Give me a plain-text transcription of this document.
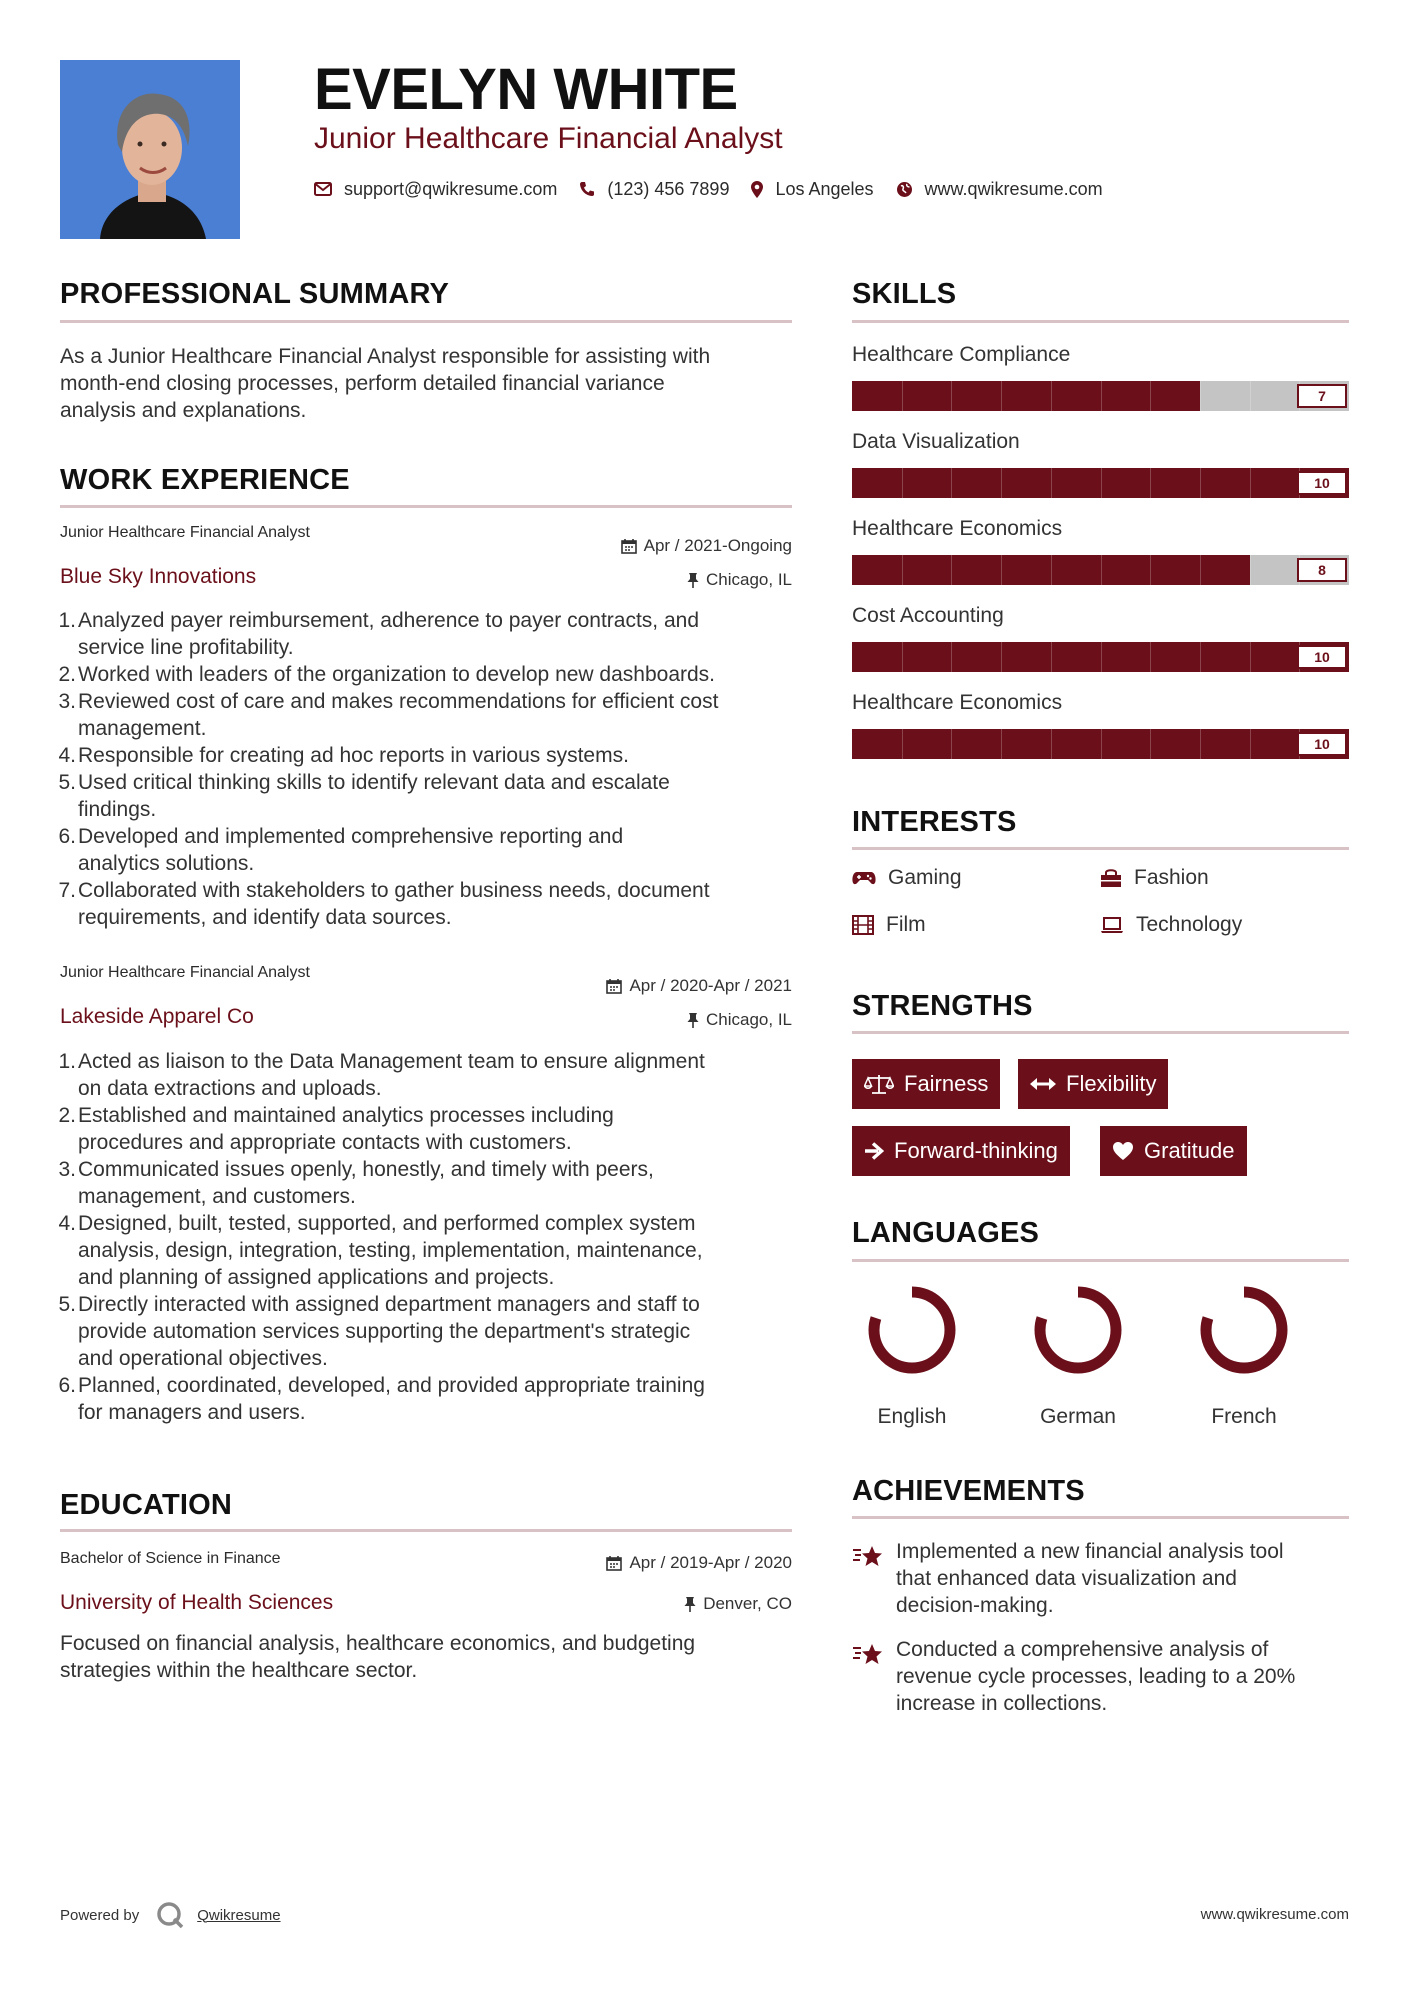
EVELYN WHITE
Junior Healthcare Financial Analyst
support@qwikresume.com	(123) 456 7899	Los Angeles	www.qwikresume.com
PROFESSIONAL SUMMARY
As a Junior Healthcare Financial Analyst responsible for assisting with
month-end closing processes, perform detailed financial variance
analysis and explanations.
WORK EXPERIENCE
Junior Healthcare Financial Analyst
Apr / 2021-Ongoing
Blue Sky Innovations	Chicago, IL
1. Analyzed payer reimbursement, adherence to payer contracts, and
service line profitability.
2. Worked with leaders of the organization to develop new dashboards.
3. Reviewed cost of care and makes recommendations for efficient cost
management.
4. Responsible for creating ad hoc reports in various systems.
5. Used critical thinking skills to identify relevant data and escalate
findings.
6. Developed and implemented comprehensive reporting and
analytics solutions.
7. Collaborated with stakeholders to gather business needs, document
requirements, and identify data sources.
Junior Healthcare Financial Analyst
Apr / 2020-Apr / 2021
Lakeside Apparel Co	Chicago, IL
1. Acted as liaison to the Data Management team to ensure alignment
on data extractions and uploads.
2. Established and maintained analytics processes including
procedures and appropriate contacts with customers.
3. Communicated issues openly, honestly, and timely with peers,
management, and customers.
4. Designed, built, tested, supported, and performed complex system
analysis, design, integration, testing, implementation, maintenance,
and planning of assigned applications and projects.
5. Directly interacted with assigned department managers and staff to
provide automation services supporting the department's strategic
and operational objectives.
6. Planned, coordinated, developed, and provided appropriate training
for managers and users.
EDUCATION
Bachelor of Science in Finance	Apr / 2019-Apr / 2020
University of Health Sciences	Denver, CO
Focused on financial analysis, healthcare economics, and budgeting
strategies within the healthcare sector.
SKILLS
Healthcare Compliance
7
Data Visualization
10
Healthcare Economics
8
Cost Accounting
10
Healthcare Economics
10
INTERESTS
Gaming	Fashion
Film	Technology
STRENGTHS
Fairness	Flexibility
Forward-thinking	Gratitude
LANGUAGES
English	German	French
ACHIEVEMENTS
Implemented a new financial analysis tool
that enhanced data visualization and
decision-making.
Conducted a comprehensive analysis of
revenue cycle processes, leading to a 20%
increase in collections.
Powered by	Qwikresume	www.qwikresume.com
